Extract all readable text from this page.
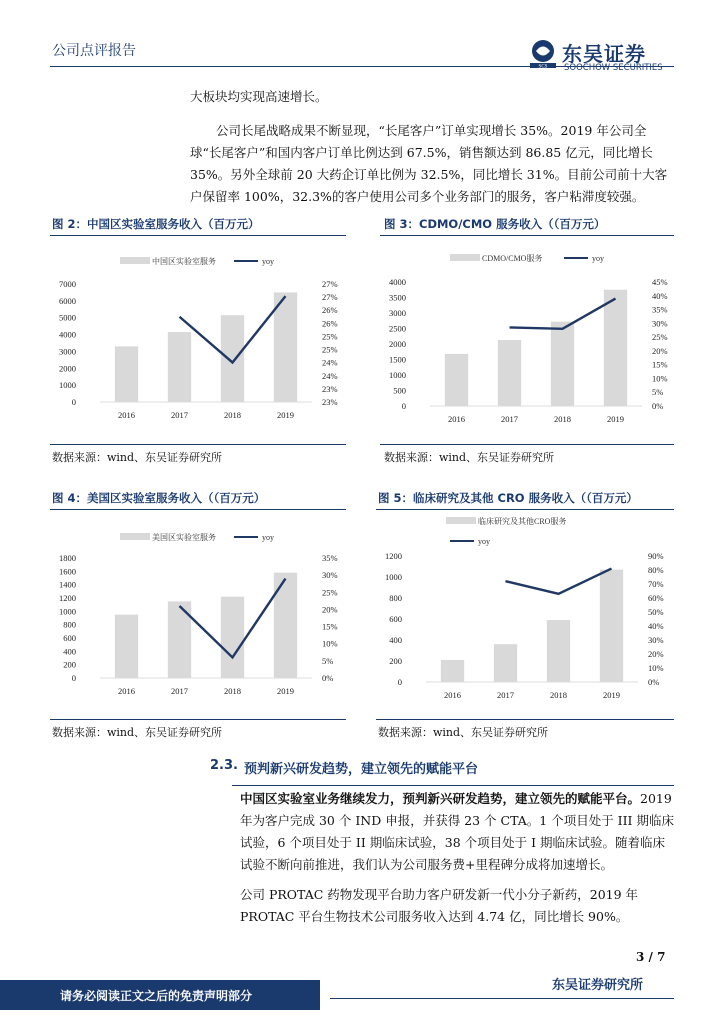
公司点评报告
SCS
东吴证券
SOOCHOW SECURITIES
大板块均实现高速增长。
公司长尾战略成果不断显现，“长尾客户”订单实现增长 35%。2019 年公司全球“长尾客户”和国内客户订单比例达到 67.5%，销售额达到 86.85 亿元，同比增长 35%。另外全球前 20 大药企订单比例为 32.5%，同比增长 31%。目前公司前十大客户保留率 100%，32.3%的客户使用公司多个业务部门的服务，客户粘滞度较强。
图 2：中国区实验室服务收入（百万元）	图 3：CDMO/CMO 服务收入（（百万元）
中国区实验室服务	yoy
0
1000
2000
3000
4000
5000
6000
7000
23%
23%
24%
24%
25%
25%
26%
26%
27%
27%
2016	2017	2018	2019
CDMO/CMO服务	yoy
0
500
1000
1500
2000
2500
3000
3500
4000
0%
5%
10%
15%
20%
25%
30%
35%
40%
45%
2016	2017	2018	2019
数据来源：wind、东吴证券研究所	数据来源：wind、东吴证券研究所
图 4：美国区实验室服务收入（（百万元）	图 5：临床研究及其他 CRO 服务收入（（百万元）
美国区实验室服务	yoy
0
200
400
600
800
1000
1200
1400
1600
1800
0%
5%
10%
15%
20%
25%
30%
35%
2016	2017	2018	2019
临床研究及其他CRO服务
yoy
0
200
400
600
800
1000
1200
0%
10%
20%
30%
40%
50%
60%
70%
80%
90%
2016	2017	2018	2019
数据来源：wind、东吴证券研究所	数据来源：wind、东吴证券研究所
2.3. 预判新兴研发趋势，建立领先的赋能平台
中国区实验室业务继续发力，预判新兴研发趋势，建立领先的赋能平台。2019 年为客户完成 30 个 IND 申报，并获得 23 个 CTA。1 个项目处于 III 期临床试验，6 个项目处于 II 期临床试验，38 个项目处于 I 期临床试验。随着临床试验不断向前推进，我们认为公司服务费+里程碑分成将加速增长。
公司 PROTAC 药物发现平台助力客户研发新一代小分子新药，2019 年 PROTAC 平台生物技术公司服务收入达到 4.74 亿，同比增长 90%。
3 / 7
请务必阅读正文之后的免责声明部分
东吴证券研究所
